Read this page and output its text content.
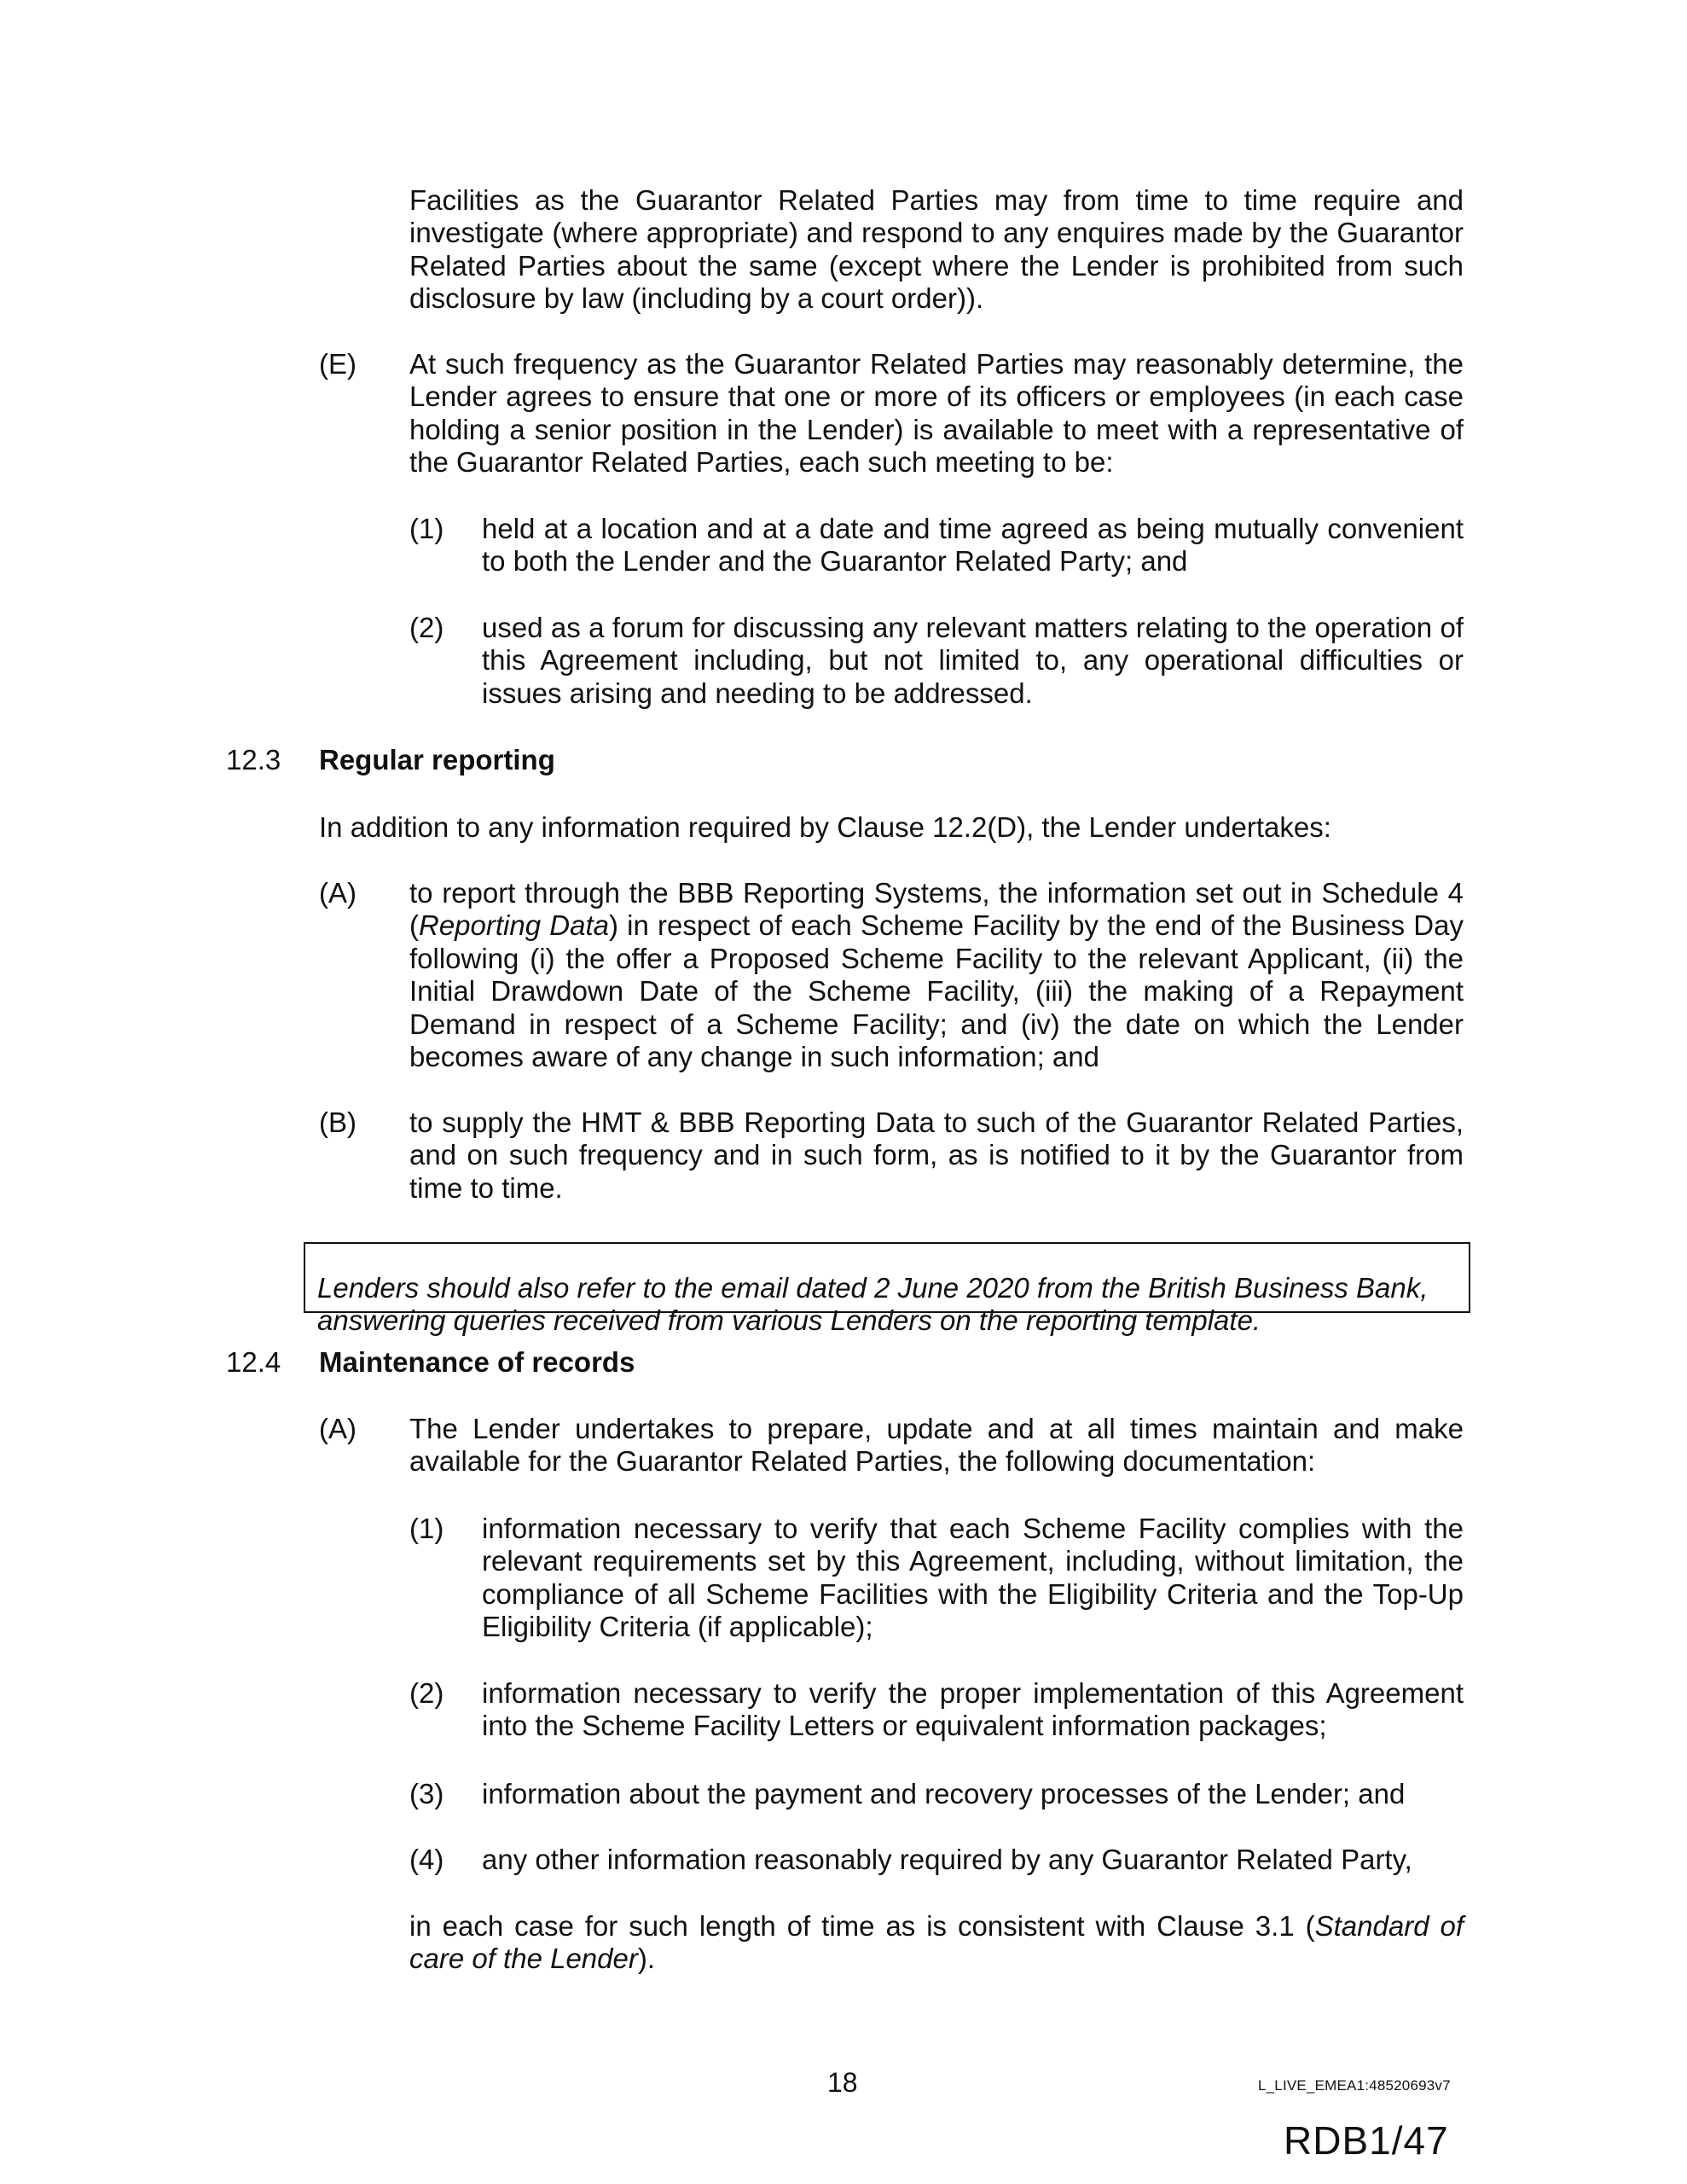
Facilities as the Guarantor Related Parties may from time to time require and investigate (where appropriate) and respond to any enquires made by the Guarantor Related Parties about the same (except where the Lender is prohibited from such disclosure by law (including by a court order)).

(E) At such frequency as the Guarantor Related Parties may reasonably determine, the Lender agrees to ensure that one or more of its officers or employees (in each case holding a senior position in the Lender) is available to meet with a representative of the Guarantor Related Parties, each such meeting to be:

(1) held at a location and at a date and time agreed as being mutually convenient to both the Lender and the Guarantor Related Party; and

(2) used as a forum for discussing any relevant matters relating to the operation of this Agreement including, but not limited to, any operational difficulties or issues arising and needing to be addressed.

12.3 Regular reporting

In addition to any information required by Clause 12.2(D), the Lender undertakes:

(A) to report through the BBB Reporting Systems, the information set out in Schedule 4 (Reporting Data) in respect of each Scheme Facility by the end of the Business Day following (i) the offer a Proposed Scheme Facility to the relevant Applicant, (ii) the Initial Drawdown Date of the Scheme Facility, (iii) the making of a Repayment Demand in respect of a Scheme Facility; and (iv) the date on which the Lender becomes aware of any change in such information; and

(B) to supply the HMT & BBB Reporting Data to such of the Guarantor Related Parties, and on such frequency and in such form, as is notified to it by the Guarantor from time to time.

Lenders should also refer to the email dated 2 June 2020 from the British Business Bank, answering queries received from various Lenders on the reporting template.

12.4 Maintenance of records
(A) The Lender undertakes to prepare, update and at all times maintain and make available for the Guarantor Related Parties, the following documentation:

(1) information necessary to verify that each Scheme Facility complies with the relevant requirements set by this Agreement, including, without limitation, the compliance of all Scheme Facilities with the Eligibility Criteria and the Top-Up Eligibility Criteria (if applicable);

(2) information necessary to verify the proper implementation of this Agreement into the Scheme Facility Letters or equivalent information packages;

(3) information about the payment and recovery processes of the Lender; and

(4) any other information reasonably required by any Guarantor Related Party,

in each case for such length of time as is consistent with Clause 3.1 (Standard of care of the Lender).

18	L_LIVE_EMEA1:48520693v7
RDB1/47
